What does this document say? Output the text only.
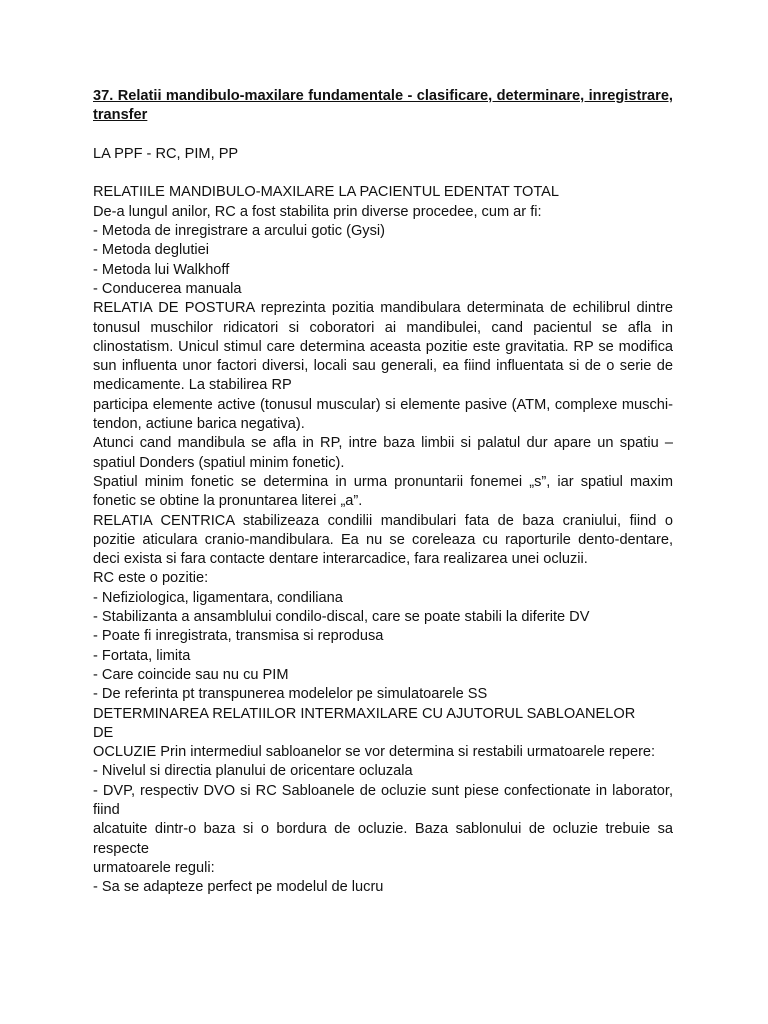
37. Relatii mandibulo-maxilare fundamentale - clasificare, determinare, inregistrare, transfer

LA PPF - RC, PIM, PP

RELATIILE MANDIBULO-MAXILARE LA PACIENTUL EDENTAT TOTAL

De-a lungul anilor, RC a fost stabilita prin diverse procedee, cum ar fi:

- Metoda de inregistrare a arcului gotic (Gysi)

- Metoda deglutiei

- Metoda lui Walkhoff

- Conducerea manuala

RELATIA DE POSTURA reprezinta pozitia mandibulara determinata de echilibrul dintre tonusul muschilor ridicatori si coboratori ai mandibulei, cand pacientul se afla in clinostatism. Unicul stimul care determina aceasta pozitie este gravitatia. RP se modifica sun influenta unor factori diversi, locali sau generali, ea fiind influentata si de o serie de medicamente. La stabilirea RP

participa elemente active (tonusul muscular) si elemente pasive (ATM, complexe muschi-tendon, actiune barica negativa).

Atunci cand mandibula se afla in RP, intre baza limbii si palatul dur apare un spatiu – spatiul Donders (spatiul minim fonetic).

Spatiul minim fonetic se determina in urma pronuntarii fonemei „s”, iar spatiul maxim fonetic se obtine la pronuntarea literei „a”.

RELATIA CENTRICA stabilizeaza condilii mandibulari fata de baza craniului, fiind o pozitie aticulara cranio-mandibulara. Ea nu se coreleaza cu raporturile dento-dentare, deci exista si fara contacte dentare interarcadice, fara realizarea unei ocluzii.

RC este o pozitie:

- Nefiziologica, ligamentara, condiliana

- Stabilizanta a ansamblului condilo-discal, care se poate stabili la diferite DV

- Poate fi inregistrata, transmisa si reprodusa

- Fortata, limita

- Care coincide sau nu cu PIM

- De referinta pt transpunerea modelelor pe simulatoarele SS

DETERMINAREA RELATIILOR INTERMAXILARE CU AJUTORUL SABLOANELOR

DE

OCLUZIE Prin intermediul sabloanelor se vor determina si restabili urmatoarele repere:

- Nivelul si directia planului de oricentare ocluzala

- DVP, respectiv DVO si RC Sabloanele de ocluzie sunt piese confectionate in laborator, fiind

alcatuite dintr-o baza si o bordura de ocluzie. Baza sablonului de ocluzie trebuie sa respecte

urmatoarele reguli:

- Sa se adapteze perfect pe modelul de lucru
